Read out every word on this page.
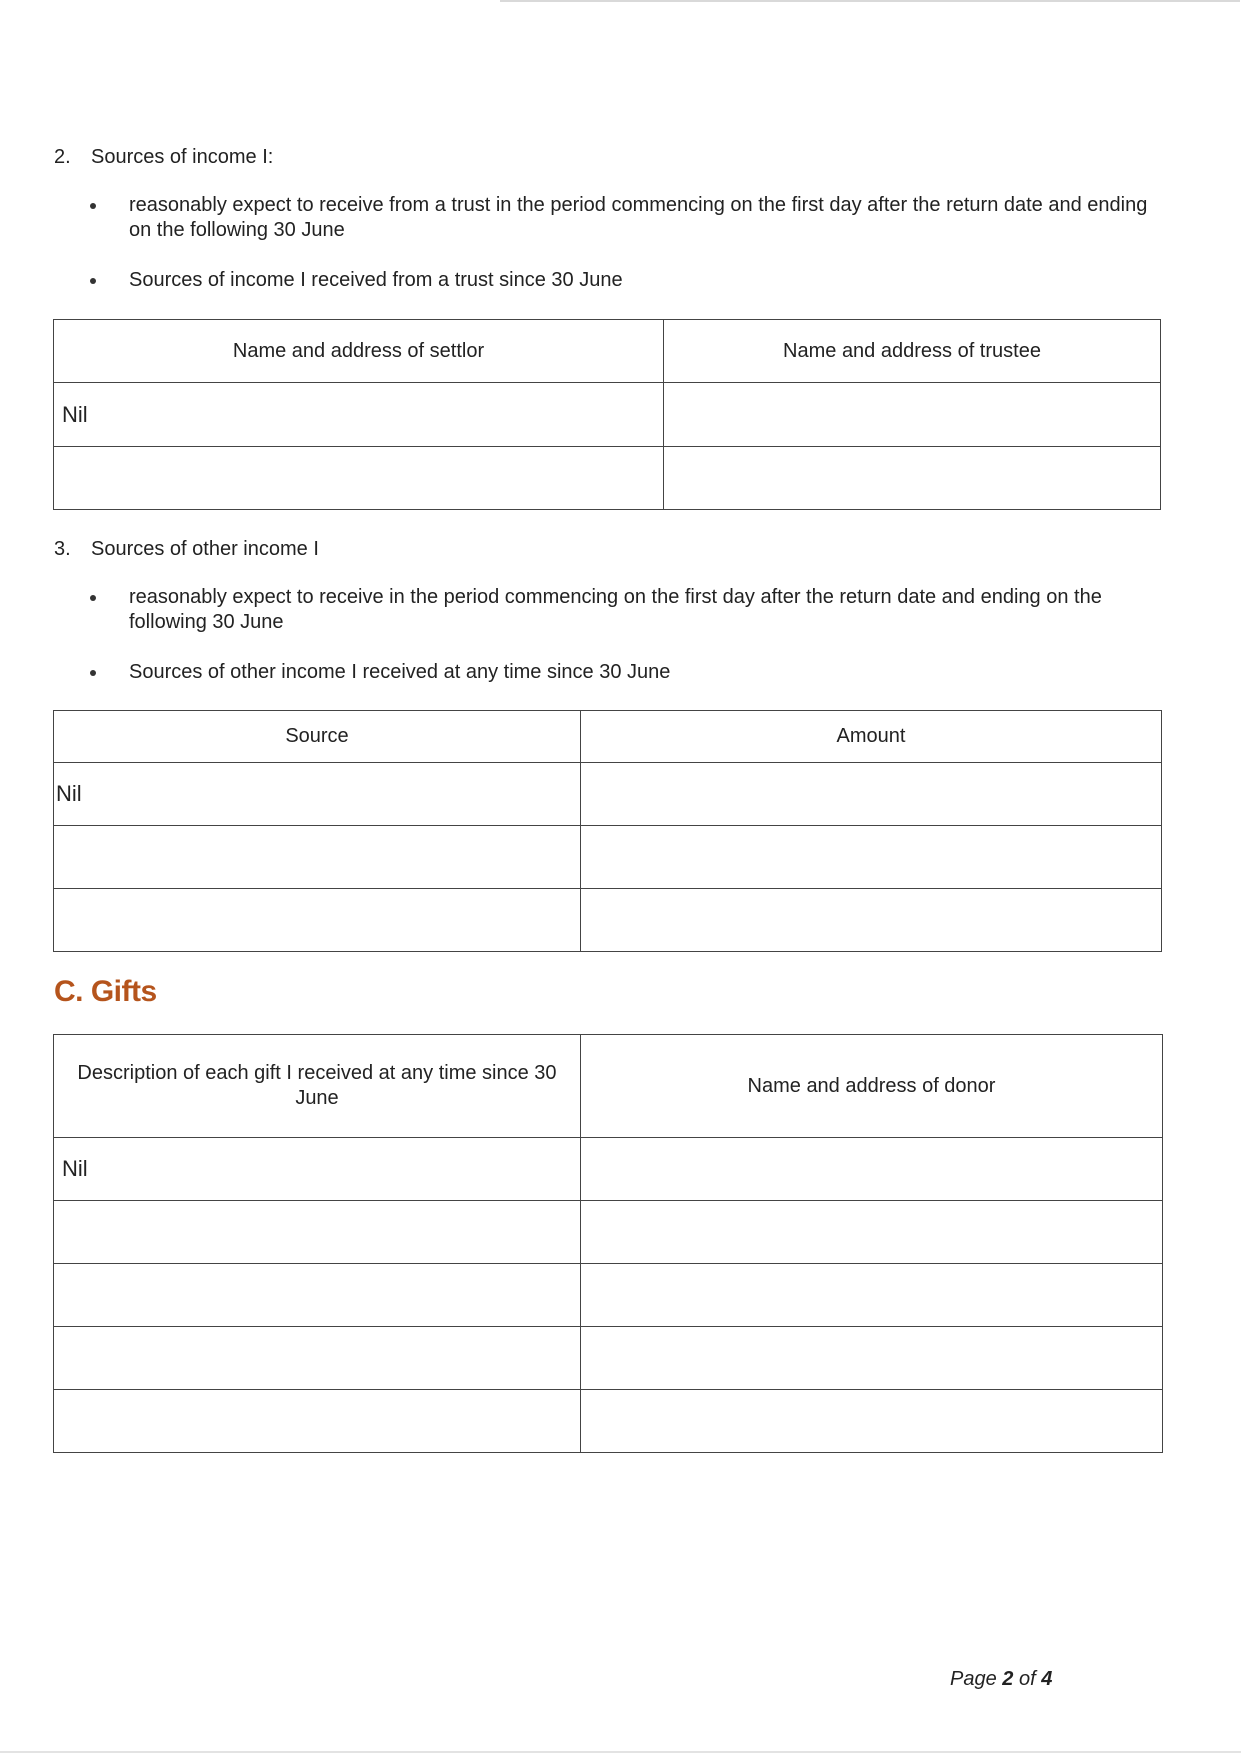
2. Sources of income I:
reasonably expect to receive from a trust in the period commencing on the first day after the return date and ending on the following 30 June
Sources of income I received from a trust since 30 June
Name and address of settlor	Name and address of trustee
Nil	

3. Sources of other income I
reasonably expect to receive in the period commencing on the first day after the return date and ending on the following 30 June
Sources of other income I received at any time since 30 June
Source	Amount
Nil	

C. Gifts
Description of each gift I received at any time since 30 June	Name and address of donor
Nil	

Page 2 of 4
